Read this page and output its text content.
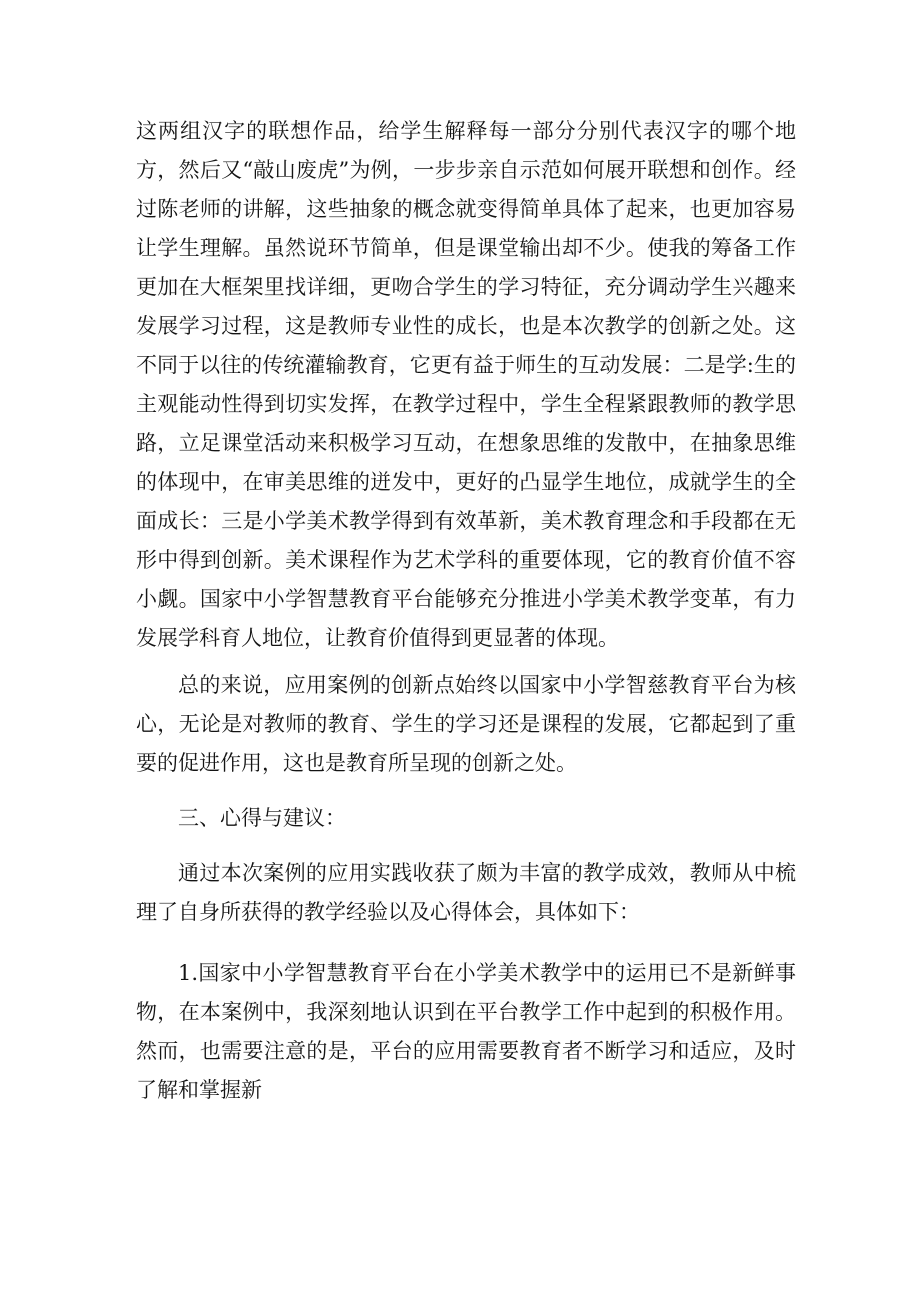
这两组汉字的联想作品，给学生解释每一部分分别代表汉字的哪个地方，然后又“敲山废虎”为例，一步步亲自示范如何展开联想和创作。经过陈老师的讲解，这些抽象的概念就变得简单具体了起来，也更加容易让学生理解。虽然说环节简单，但是课堂输出却不少。使我的筹备工作更加在大框架里找详细，更吻合学生的学习特征，充分调动学生兴趣来发展学习过程，这是教师专业性的成长，也是本次教学的创新之处。这不同于以往的传统灌输教育，它更有益于师生的互动发展：二是学:生的主观能动性得到切实发挥，在教学过程中，学生全程紧跟教师的教学思路，立足课堂活动来积极学习互动，在想象思维的发散中，在抽象思维的体现中，在审美思维的迸发中，更好的凸显学生地位，成就学生的全面成长：三是小学美术教学得到有效革新，美术教育理念和手段都在无形中得到创新。美术课程作为艺术学科的重要体现，它的教育价值不容小觑。国家中小学智慧教育平台能够充分推进小学美术教学变革，有力发展学科育人地位，让教育价值得到更显著的体现。

总的来说，应用案例的创新点始终以国家中小学智慈教育平台为核心，无论是对教师的教育、学生的学习还是课程的发展，它都起到了重要的促进作用，这也是教育所呈现的创新之处。

三、心得与建议：

通过本次案例的应用实践收获了颇为丰富的教学成效，教师从中梳理了自身所获得的教学经验以及心得体会，具体如下：

1.国家中小学智慧教育平台在小学美术教学中的运用已不是新鲜事物，在本案例中，我深刻地认识到在平台教学工作中起到的积极作用。然而，也需要注意的是，平台的应用需要教育者不断学习和适应，及时了解和掌握新
